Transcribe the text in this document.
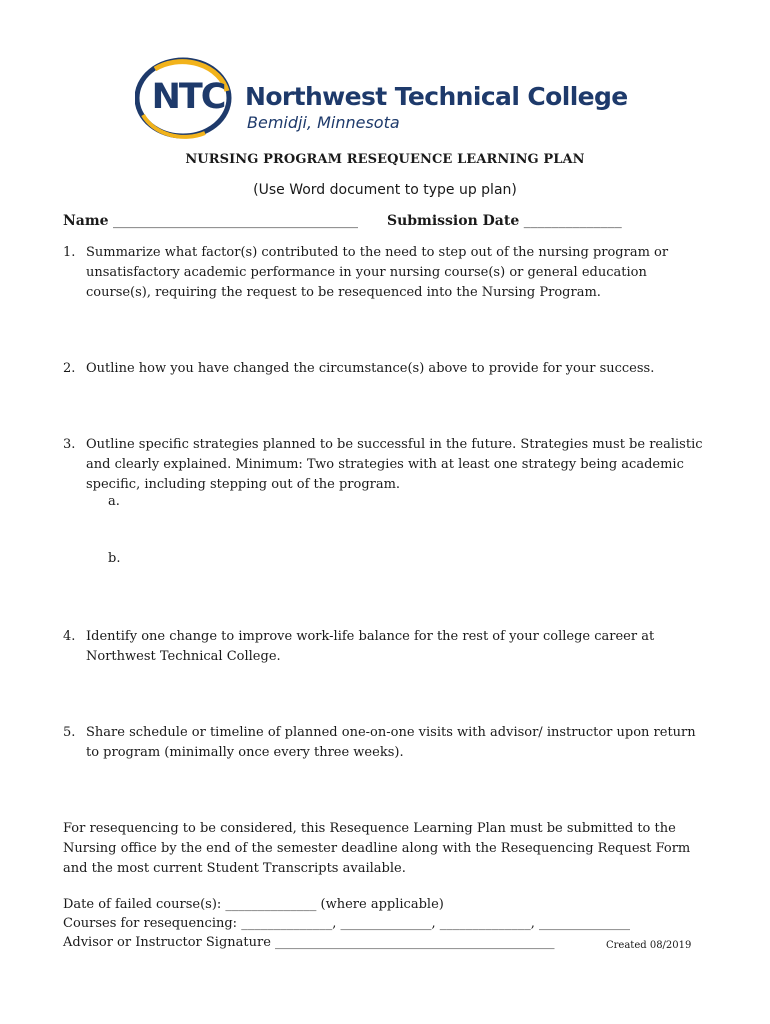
NTC Northwest Technical College
Bemidji, Minnesota
NURSING PROGRAM RESEQUENCE LEARNING PLAN
(Use Word document to type up plan)
Name ___________________________________ Submission Date ______________
1. Summarize what factor(s) contributed to the need to step out of the nursing program or unsatisfactory academic performance in your nursing course(s) or general education course(s), requiring the request to be resequenced into the Nursing Program.
2. Outline how you have changed the circumstance(s) above to provide for your success.
3. Outline specific strategies planned to be successful in the future. Strategies must be realistic and clearly explained. Minimum: Two strategies with at least one strategy being academic specific, including stepping out of the program.
a.
b.
4. Identify one change to improve work-life balance for the rest of your college career at Northwest Technical College.
5. Share schedule or timeline of planned one-on-one visits with advisor/ instructor upon return to program (minimally once every three weeks).
For resequencing to be considered, this Resequence Learning Plan must be submitted to the Nursing office by the end of the semester deadline along with the Resequencing Request Form and the most current Student Transcripts available.
Date of failed course(s): ______________ (where applicable)
Courses for resequencing: ______________, ______________, ______________, ______________
Advisor or Instructor Signature ___________________________________________	Created 08/2019
